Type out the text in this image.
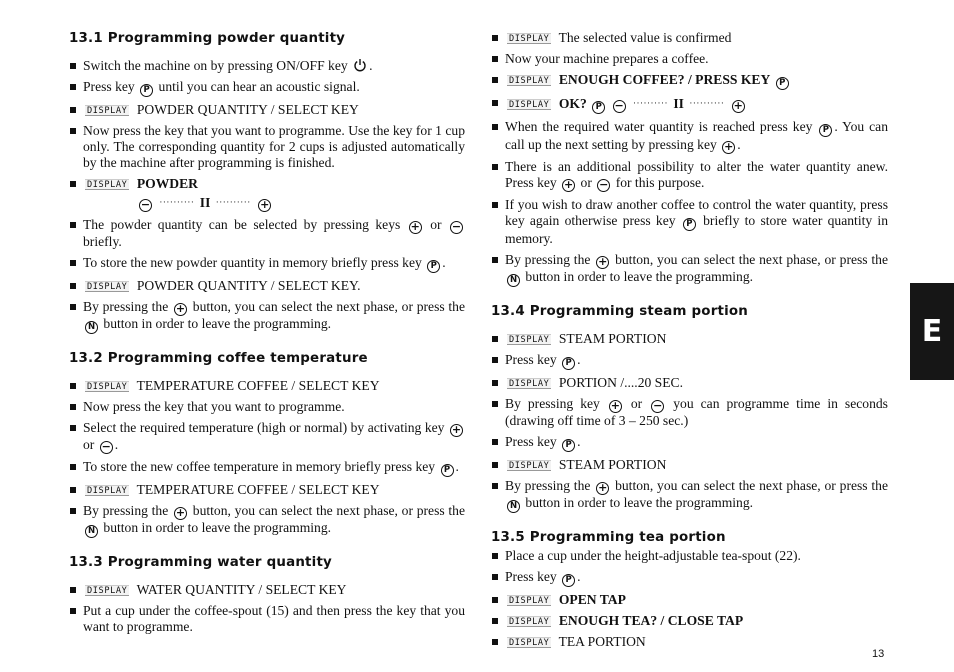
13.1 Programming powder quantity
Switch the machine on by pressing ON/OFF key .
Press key P until you can hear an acoustic signal.
DISPLAY POWDER QUANTITY / SELECT KEY
Now press the key that you want to programme. Use the key for 1 cup only. The corresponding quantity for 2 cups is adjusted automatically by the machine after programming is finished.
DISPLAY POWDER
− ·········· II ·········· +
The powder quantity can be selected by pressing keys + or − briefly.
To store the new powder quantity in memory briefly press key P .
DISPLAY POWDER QUANTITY / SELECT KEY.
By pressing the + button, you can select the next phase, or press the N button in order to leave the programming.
13.2 Programming coffee temperature
DISPLAY TEMPERATURE COFFEE / SELECT KEY
Now press the key that you want to programme.
Select the required temperature (high or normal) by activating key + or − .
To store the new coffee temperature in memory briefly press key P .
DISPLAY TEMPERATURE COFFEE / SELECT KEY
By pressing the + button, you can select the next phase, or press the N button in order to leave the programming.
13.3 Programming water quantity
DISPLAY WATER QUANTITY / SELECT KEY
Put a cup under the coffee-spout (15) and then press the key that you want to programme.
DISPLAY The selected value is confirmed
Now your machine prepares a coffee.
DISPLAY ENOUGH COFFEE? / PRESS KEY P
DISPLAY OK? P − ·········· II ·········· +
When the required water quantity is reached press key P . You can call up the next setting by pressing key + .
There is an additional possibility to alter the water quantity anew. Press key + or − for this purpose.
If you wish to draw another coffee to control the water quantity, press key again otherwise press key P briefly to store water quantity in memory.
By pressing the + button, you can select the next phase, or press the N button in order to leave the programming.
13.4 Programming steam portion
DISPLAY STEAM PORTION
Press key P .
DISPLAY PORTION /....20 SEC.
By pressing key + or − you can programme time in seconds (drawing off time of 3 – 250 sec.)
Press key P .
DISPLAY STEAM PORTION
By pressing the + button, you can select the next phase, or press the N button in order to leave the programming.
13.5 Programming tea portion
Place a cup under the height-adjustable tea-spout (22).
Press key P .
DISPLAY OPEN TAP
DISPLAY ENOUGH TEA? / CLOSE TAP
DISPLAY TEA PORTION
E
13
